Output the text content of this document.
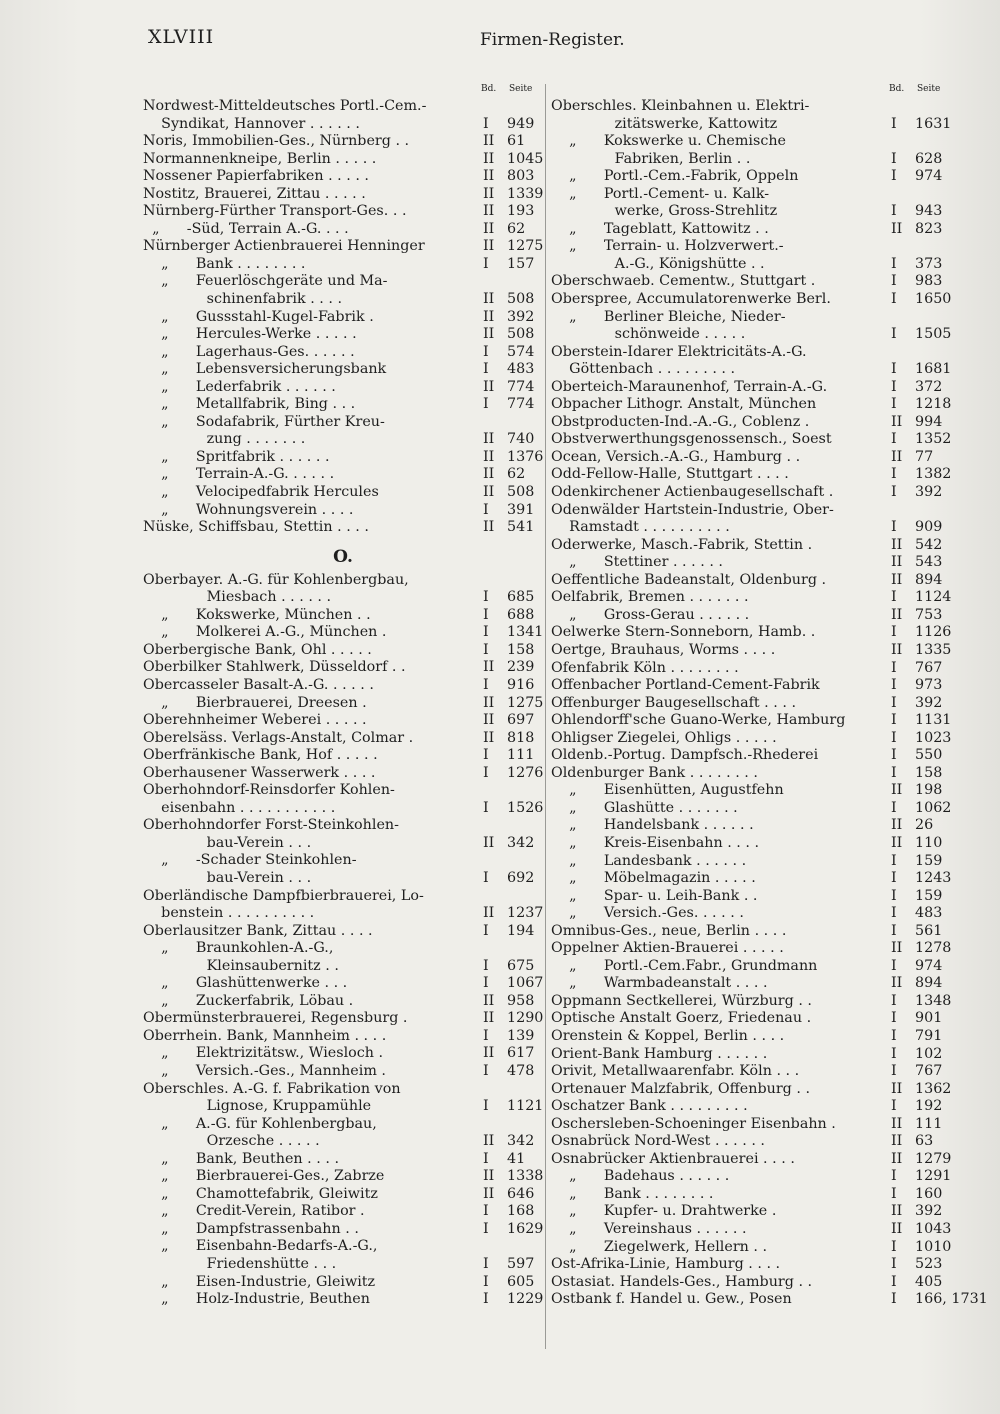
XLVIII	Firmen-Register.
Bd. Seite
Nordwest-Mitteldeutsches Portl.-Cem.-
Syndikat, Hannover . . . . . .	I	949
Noris, Immobilien-Ges., Nürnberg . .	II 61
Normannenkneipe, Berlin . . . . .	II 1045
Nossener Papierfabriken . . . . .	II 803
Nostitz, Brauerei, Zittau . . . . .	II 1339
Nürnberg-Fürther Transport-Ges. . .	II 193
„      -Süd, Terrain A.-G. . . .	II 62
Nürnberger Actienbrauerei Henninger	II 1275
„      Bank . . . . . . . .	I	157
„      Feuerlöschgeräte und Ma-
schinenfabrik . . . .	II 508
„      Gussstahl-Kugel-Fabrik .	II 392
„      Hercules-Werke . . . . .	II 508
„      Lagerhaus-Ges. . . . . .	I	574
„      Lebensversicherungsbank	I	483
„      Lederfabrik . . . . . .	II 774
„      Metallfabrik, Bing . . .	I	774
„      Sodafabrik, Fürther Kreu-
zung . . . . . . .	II 740
„      Spritfabrik . . . . . .	II 1376
„      Terrain-A.-G. . . . . .	II 62
„      Velocipedfabrik Hercules	II 508
„      Wohnungsverein . . . .	I	391
Nüske, Schiffsbau, Stettin . . . .	II 541
O.
Oberbayer. A.-G. für Kohlenbergbau,
Miesbach . . . . . .	I	685
„      Kokswerke, München . .	I	688
„      Molkerei A.-G., München .	I	1341
Oberbergische Bank, Ohl . . . . .	I	158
Oberbilker Stahlwerk, Düsseldorf . .	II 239
Obercasseler Basalt-A.-G. . . . . .	I	916
„      Bierbrauerei, Dreesen .	II 1275
Oberehnheimer Weberei . . . . .	II 697
Oberelsäss. Verlags-Anstalt, Colmar .	II 818
Oberfränkische Bank, Hof . . . . .	I	111
Oberhausener Wasserwerk . . . .	I	1276
Oberhohndorf-Reinsdorfer Kohlen-
eisenbahn . . . . . . . . . . .	I	1526
Oberhohndorfer Forst-Steinkohlen-
bau-Verein . . .	II 342
„      -Schader Steinkohlen-
bau-Verein . . .	I	692
Oberländische Dampfbierbrauerei, Lo-
benstein . . . . . . . . . .	II 1237
Oberlausitzer Bank, Zittau . . . .	I	194
„      Braunkohlen-A.-G.,
Kleinsaubernitz . .	I	675
„      Glashüttenwerke . . .	I	1067
„      Zuckerfabrik, Löbau .	II 958
Obermünsterbrauerei, Regensburg .	II 1290
Oberrhein. Bank, Mannheim . . . .	I	139
„      Elektrizitätsw., Wiesloch .	II 617
„      Versich.-Ges., Mannheim .	I	478
Oberschles. A.-G. f. Fabrikation von
Lignose, Kruppamühle	I	1121
„      A.-G. für Kohlenbergbau,
Orzesche . . . . .	II 342
„      Bank, Beuthen . . . .	I	41
„      Bierbrauerei-Ges., Zabrze	II 1338
„      Chamottefabrik, Gleiwitz	II 646
„      Credit-Verein, Ratibor .	I	168
„      Dampfstrassenbahn . .	I	1629
„      Eisenbahn-Bedarfs-A.-G.,
Friedenshütte . . .	I	597
„      Eisen-Industrie, Gleiwitz	I	605
„      Holz-Industrie, Beuthen	I	1229
Bd. Seite
Oberschles. Kleinbahnen u. Elektri-
zitätswerke, Kattowitz	I	1631
„      Kokswerke u. Chemische
Fabriken, Berlin . .	I	628
„      Portl.-Cem.-Fabrik, Oppeln	I	974
„      Portl.-Cement- u. Kalk-
werke, Gross-Strehlitz	I	943
„      Tageblatt, Kattowitz . .	II 823
„      Terrain- u. Holzverwert.-
A.-G., Königshütte . .	I	373
Oberschwaeb. Cementw., Stuttgart .	I	983
Oberspree, Accumulatorenwerke Berl.	I	1650
„      Berliner Bleiche, Nieder-
schönweide . . . . .	I	1505
Oberstein-Idarer Elektricitäts-A.-G.
Göttenbach . . . . . . . . .	I	1681
Oberteich-Maraunenhof, Terrain-A.-G.	I	372
Obpacher Lithogr. Anstalt, München	I	1218
Obstproducten-Ind.-A.-G., Coblenz .	II 994
Obstverwerthungsgenossensch., Soest	I	1352
Ocean, Versich.-A.-G., Hamburg . .	II 77
Odd-Fellow-Halle, Stuttgart . . . .	I	1382
Odenkirchener Actienbaugesellschaft .	I	392
Odenwälder Hartstein-Industrie, Ober-
Ramstadt . . . . . . . . . .	I	909
Oderwerke, Masch.-Fabrik, Stettin .	II 542
„      Stettiner . . . . . .	II 543
Oeffentliche Badeanstalt, Oldenburg .	II 894
Oelfabrik, Bremen . . . . . . .	I	1124
„      Gross-Gerau . . . . . .	II 753
Oelwerke Stern-Sonneborn, Hamb. .	I	1126
Oertge, Brauhaus, Worms . . . .	II 1335
Ofenfabrik Köln . . . . . . . .	I	767
Offenbacher Portland-Cement-Fabrik	I	973
Offenburger Baugesellschaft . . . .	I	392
Ohlendorff'sche Guano-Werke, Hamburg	I	1131
Ohligser Ziegelei, Ohligs . . . . .	I	1023
Oldenb.-Portug. Dampfsch.-Rhederei	I	550
Oldenburger Bank . . . . . . . .	I	158
„      Eisenhütten, Augustfehn	II 198
„      Glashütte . . . . . . .	I	1062
„      Handelsbank . . . . . .	II 26
„      Kreis-Eisenbahn . . . .	II 110
„      Landesbank . . . . . .	I	159
„      Möbelmagazin . . . . .	I	1243
„      Spar- u. Leih-Bank . .	I	159
„      Versich.-Ges. . . . . .	I	483
Omnibus-Ges., neue, Berlin . . . .	I	561
Oppelner Aktien-Brauerei . . . . .	II 1278
„      Portl.-Cem.Fabr., Grundmann	I	974
„      Warmbadeanstalt . . . .	II 894
Oppmann Sectkellerei, Würzburg . .	I	1348
Optische Anstalt Goerz, Friedenau .	I	901
Orenstein & Koppel, Berlin . . . .	I	791
Orient-Bank Hamburg . . . . . .	I	102
Orivit, Metallwaarenfabr. Köln . . .	I	767
Ortenauer Malzfabrik, Offenburg . .	II 1362
Oschatzer Bank . . . . . . . . .	I	192
Oschersleben-Schoeninger Eisenbahn .	II 111
Osnabrück Nord-West . . . . . .	II 63
Osnabrücker Aktienbrauerei . . . .	II 1279
„      Badehaus . . . . . .	I	1291
„      Bank . . . . . . . .	I	160
„      Kupfer- u. Drahtwerke .	II 392
„      Vereinshaus . . . . . .	II 1043
„      Ziegelwerk, Hellern . .	I	1010
Ost-Afrika-Linie, Hamburg . . . .	I	523
Ostasiat. Handels-Ges., Hamburg . .	I	405
Ostbank f. Handel u. Gew., Posen	I	166, 1731
